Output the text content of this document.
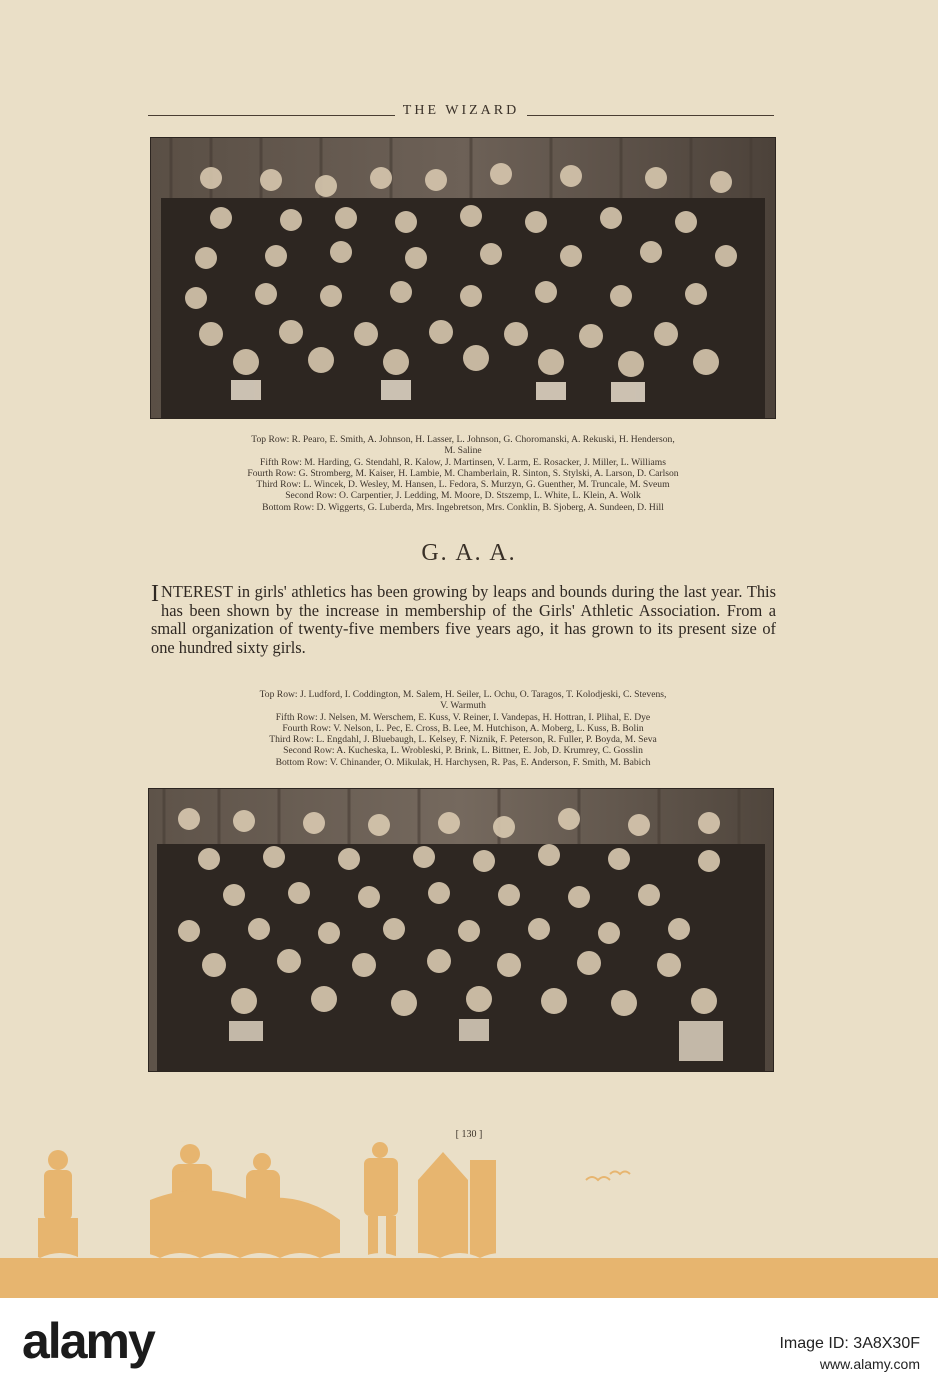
THE WIZARD
Top Row: R. Pearo, E. Smith, A. Johnson, H. Lasser, L. Johnson, G. Choromanski, A. Rekuski, H. Henderson,
M. Saline
Fifth Row: M. Harding, G. Stendahl, R. Kalow, J. Martinsen, V. Larm, E. Rosacker, J. Miller, L. Williams
Fourth Row: G. Stromberg, M. Kaiser, H. Lambie, M. Chamberlain, R. Sinton, S. Stylski, A. Larson, D. Carlson
Third Row: L. Wincek, D. Wesley, M. Hansen, L. Fedora, S. Murzyn, G. Guenther, M. Truncale, M. Sveum
Second Row: O. Carpentier, J. Ledding, M. Moore, D. Stszemp, L. White, L. Klein, A. Wolk
Bottom Row: D. Wiggerts, G. Luberda, Mrs. Ingebretson, Mrs. Conklin, B. Sjoberg, A. Sundeen, D. Hill
G. A. A.
I NTEREST in girls' athletics has been growing by leaps and bounds during the last year. This has been shown by the increase in membership of the Girls' Athletic Association. From a small organization of twenty-five members five years ago, it has grown to its present size of one hundred sixty girls.
Top Row: J. Ludford, I. Coddington, M. Salem, H. Seiler, L. Ochu, O. Taragos, T. Kolodjeski, C. Stevens,
V. Warmuth
Fifth Row: J. Nelsen, M. Werschem, E. Kuss, V. Reiner, I. Vandepas, H. Hottran, I. Plihal, E. Dye
Fourth Row: V. Nelson, L. Pec, E. Cross, B. Lee, M. Hutchison, A. Moberg, L. Kuss, B. Bolin
Third Row: L. Engdahl, J. Bluebaugh, L. Kelsey, F. Niznik, F. Peterson, R. Fuller, P. Boyda, M. Seva
Second Row: A. Kucheska, L. Wrobleski, P. Brink, L. Bittner, E. Job, D. Krumrey, C. Gosslin
Bottom Row: V. Chinander, O. Mikulak, H. Harchysen, R. Pas, E. Anderson, F. Smith, M. Babich
[ 130 ]
alamy	Image ID: 3A8X30F
www.alamy.com
